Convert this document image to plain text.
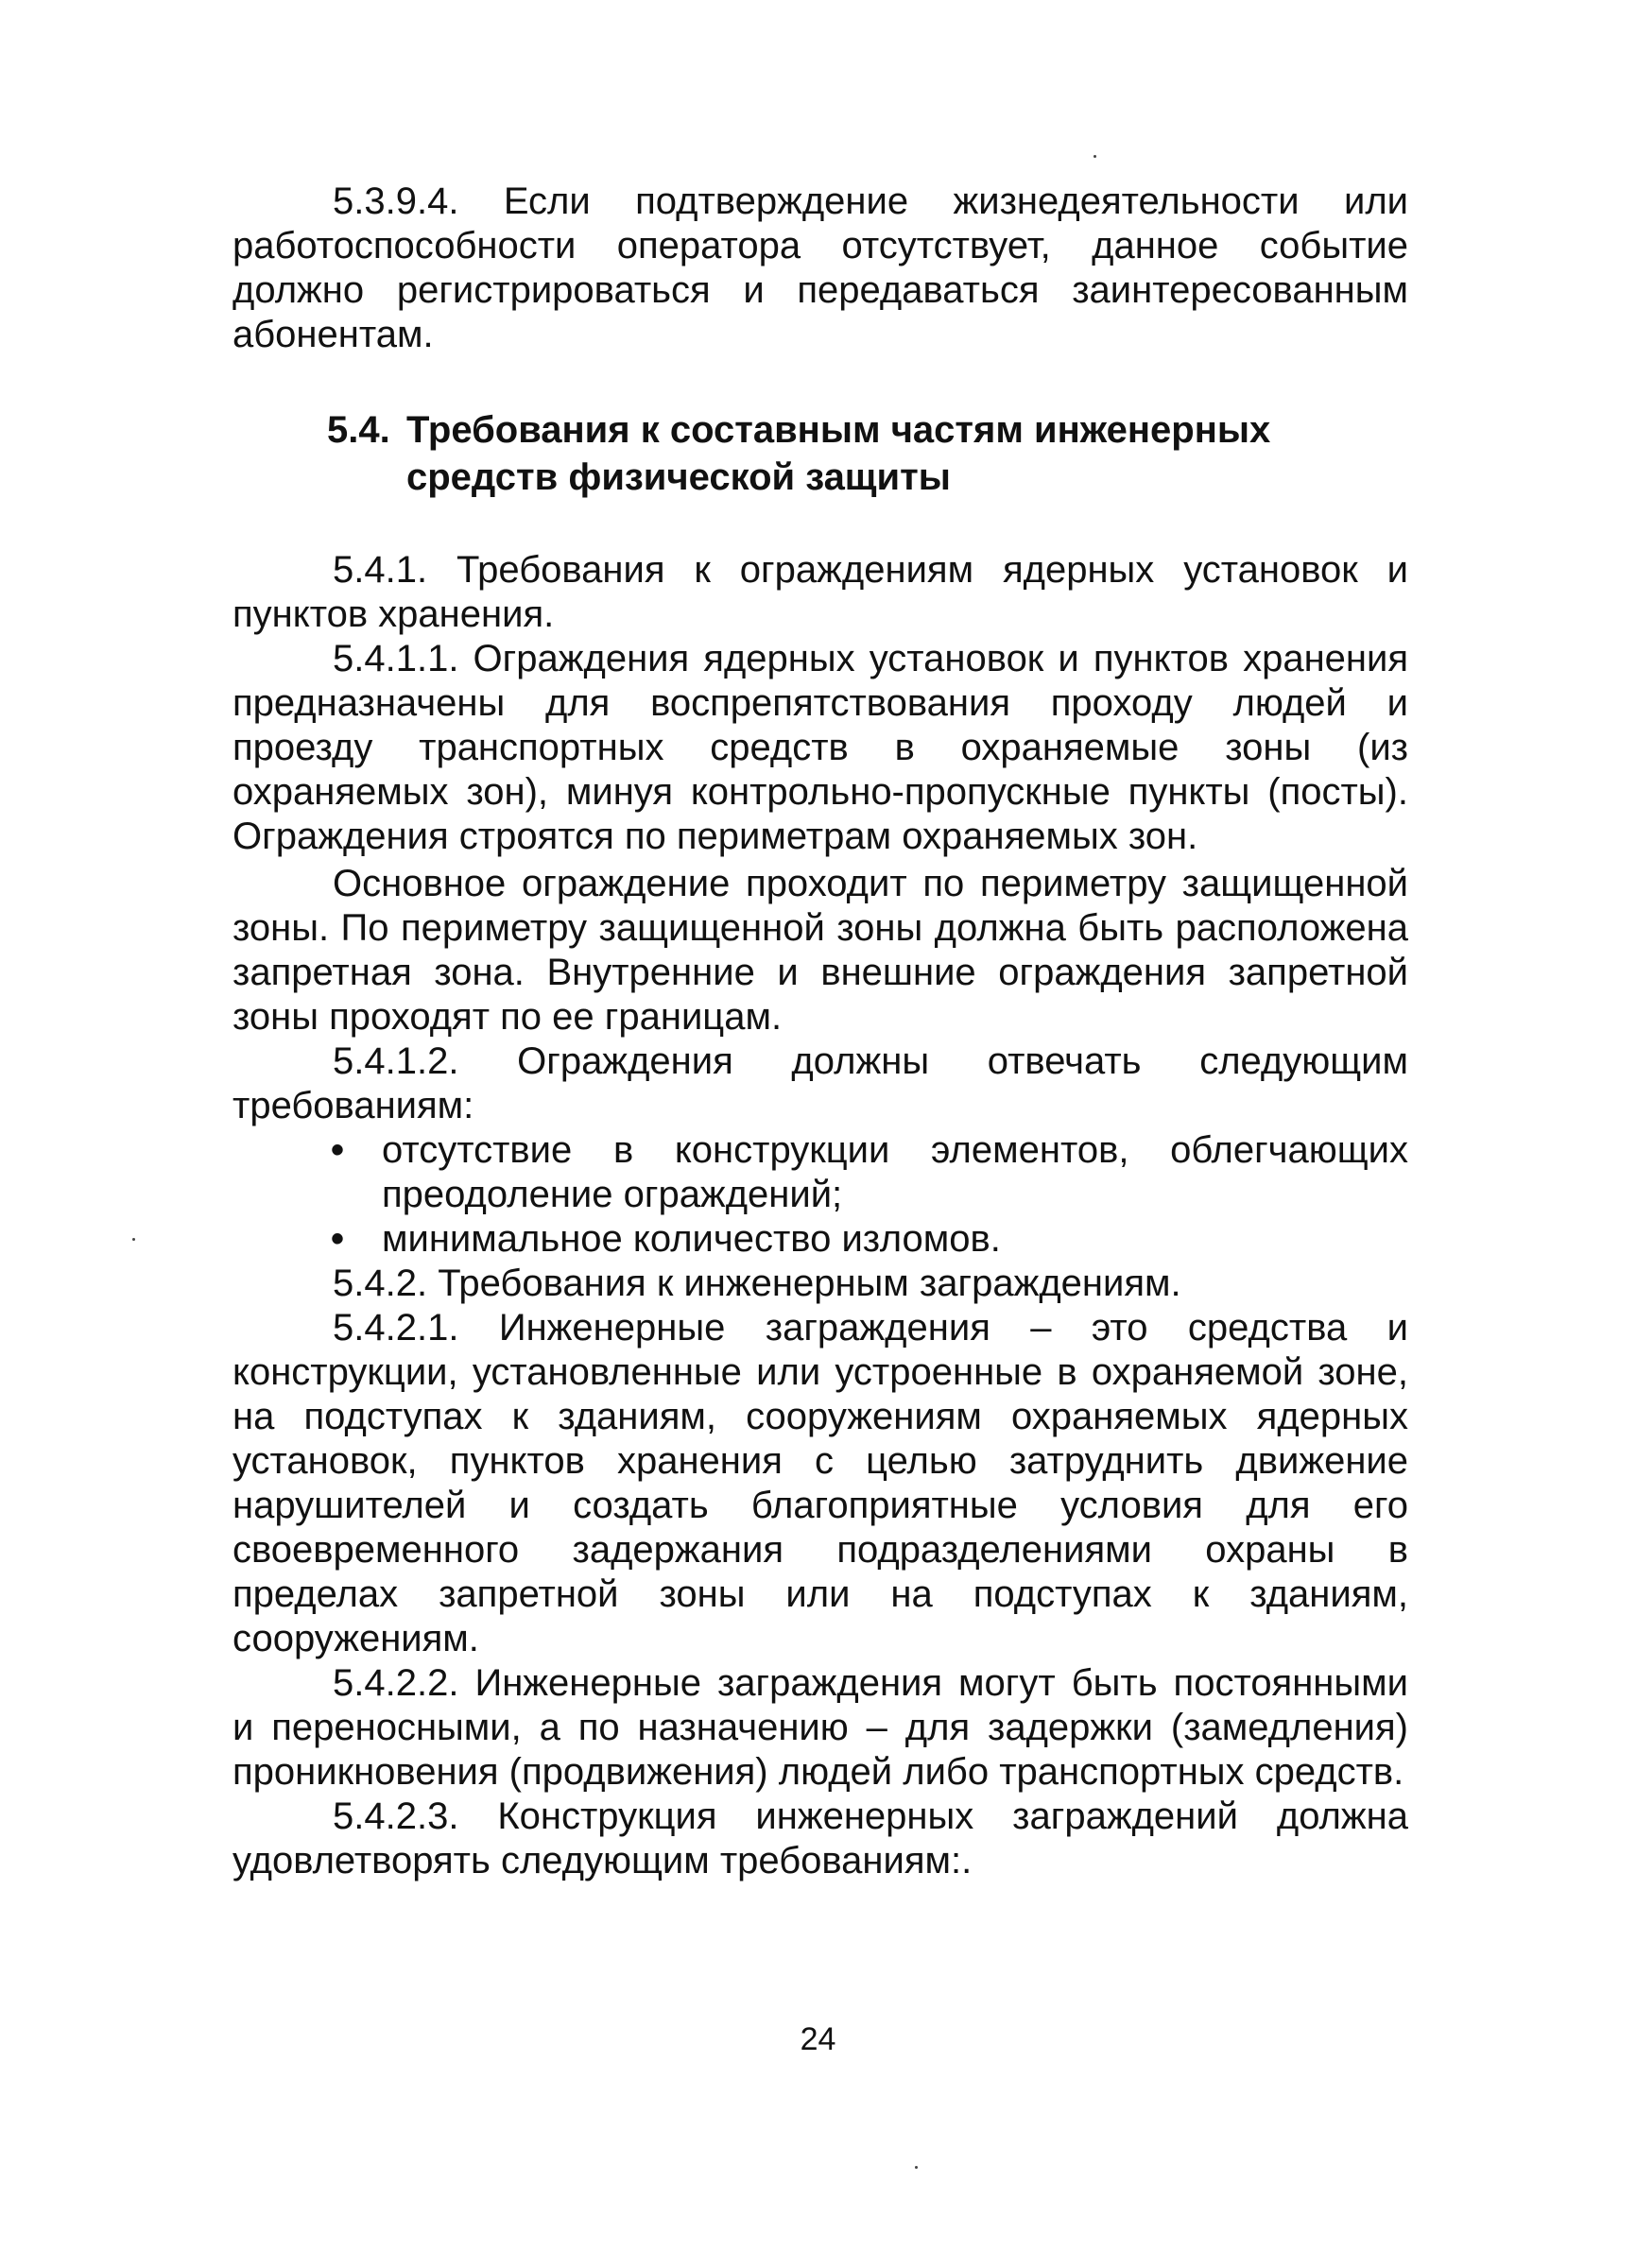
5.3.9.4. Если подтверждение жизнедеятельности или работоспособности оператора отсутствует, данное событие должно регистрироваться и передаваться заинтересованным абонентам.

5.4. Требования к составным частям инженерных
средств физической защиты

5.4.1. Требования к ограждениям ядерных установок и пунктов хранения.

5.4.1.1. Ограждения ядерных установок и пунктов хранения предназначены для воспрепятствования проходу людей и проезду транспортных средств в охраняемые зоны (из охраняемых зон), минуя контрольно-пропускные пункты (посты). Ограждения строятся по периметрам охраняемых зон.

Основное ограждение проходит по периметру защищенной зоны. По периметру защищенной зоны должна быть расположена запретная зона. Внутренние и внешние ограждения запретной зоны проходят по ее границам.

5.4.1.2. Ограждения должны отвечать следующим требованиям:

• отсутствие в конструкции элементов, облегчающих преодоление ограждений;
• минимальное количество изломов.

5.4.2. Требования к инженерным заграждениям.

5.4.2.1. Инженерные заграждения – это средства и конструкции, установленные или устроенные в охраняемой зоне, на подступах к зданиям, сооружениям охраняемых ядерных установок, пунктов хранения с целью затруднить движение нарушителей и создать благоприятные условия для его своевременного задержания подразделениями охраны в пределах запретной зоны или на подступах к зданиям, сооружениям.

5.4.2.2. Инженерные заграждения могут быть постоянными и переносными, а по назначению – для задержки (замедления) проникновения (продвижения) людей либо транспортных средств.

5.4.2.3. Конструкция инженерных заграждений должна удовлетворять следующим требованиям:.

24
